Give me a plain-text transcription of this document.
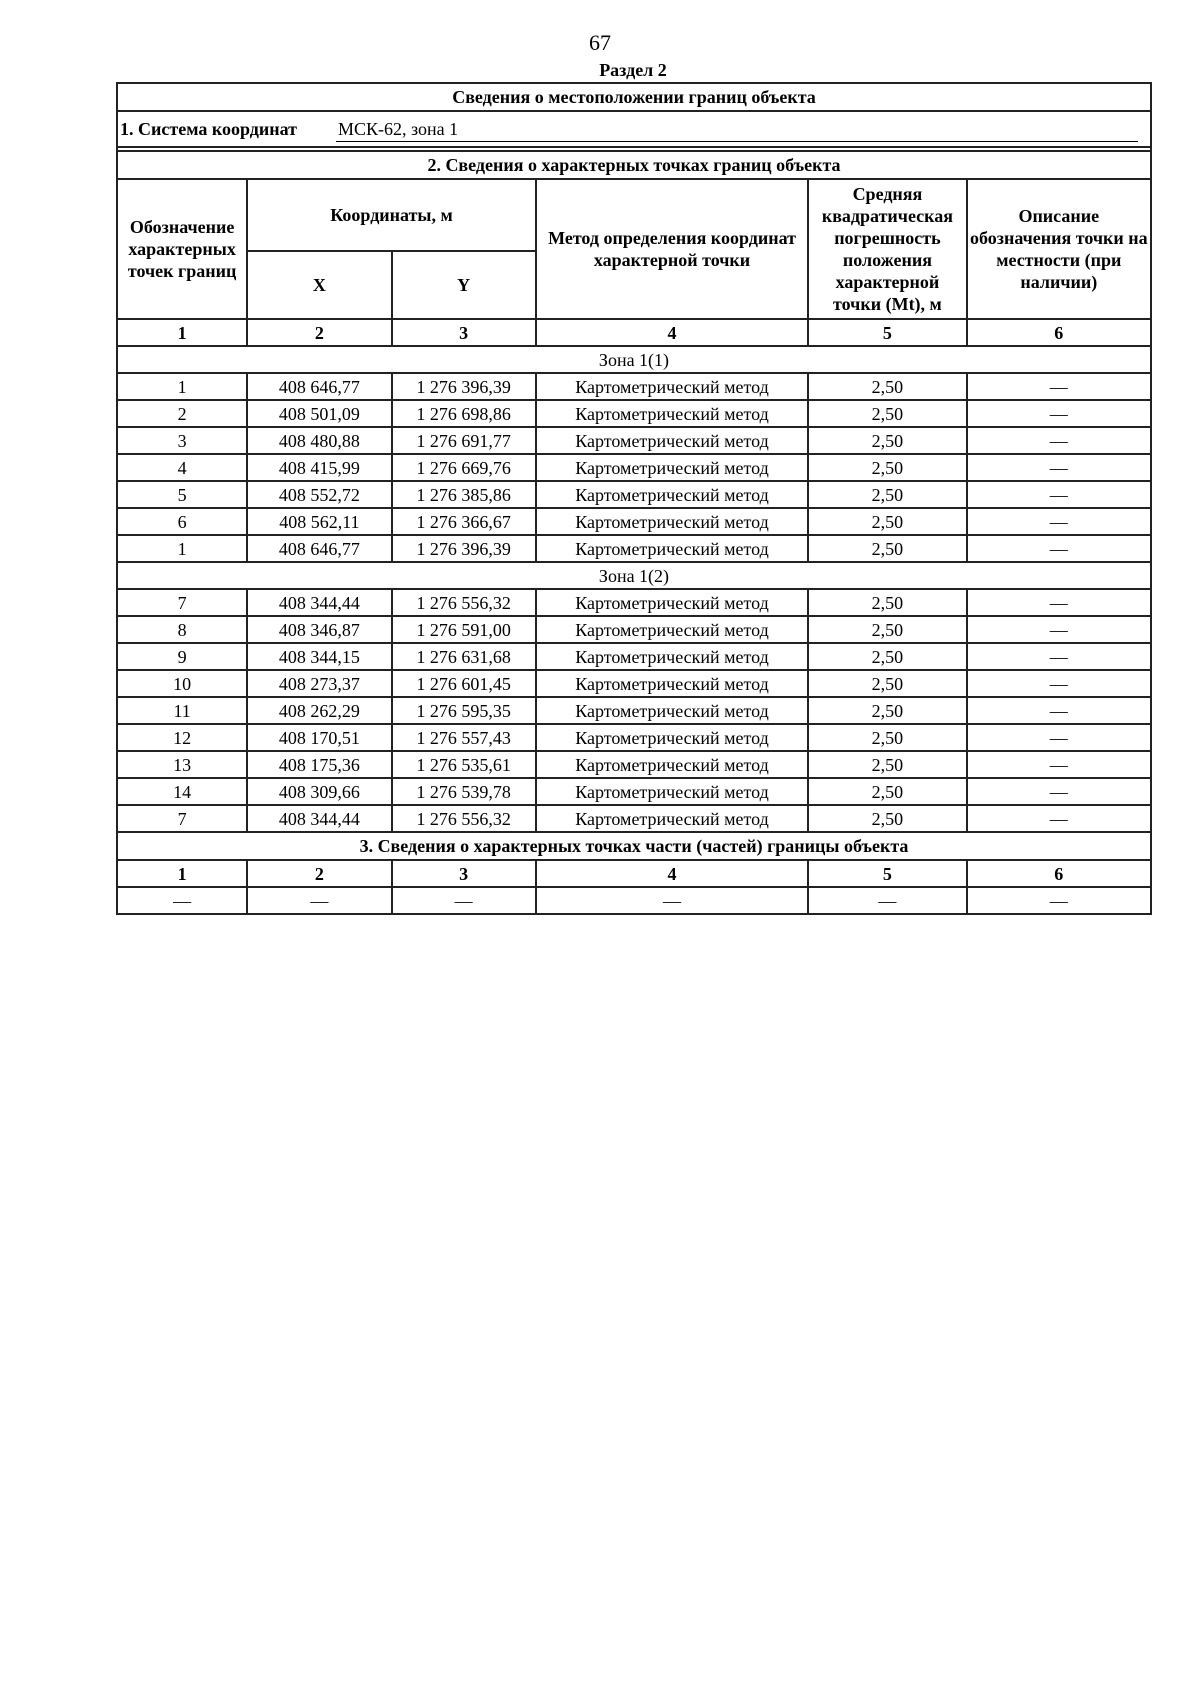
67
Раздел 2
Сведения о местоположении границ объекта					

1. Система координат МСК-62, зона 1					

2. Сведения о характерных точках границ объекта					
Обозначение характерных точек границ	Координаты, м		Метод определения координат характерной точки	Средняя квадратическая погрешность положения характерной точки (Mt), м	Описание обозначения точки на местности (при наличии)
	X	Y			
1	2	3	4	5	6
Зона 1(1)					
1	408 646,77	1 276 396,39	Картометрический метод	2,50	—
2	408 501,09	1 276 698,86	Картометрический метод	2,50	—
3	408 480,88	1 276 691,77	Картометрический метод	2,50	—
4	408 415,99	1 276 669,76	Картометрический метод	2,50	—
5	408 552,72	1 276 385,86	Картометрический метод	2,50	—
6	408 562,11	1 276 366,67	Картометрический метод	2,50	—
1	408 646,77	1 276 396,39	Картометрический метод	2,50	—
Зона 1(2)					
7	408 344,44	1 276 556,32	Картометрический метод	2,50	—
8	408 346,87	1 276 591,00	Картометрический метод	2,50	—
9	408 344,15	1 276 631,68	Картометрический метод	2,50	—
10	408 273,37	1 276 601,45	Картометрический метод	2,50	—
11	408 262,29	1 276 595,35	Картометрический метод	2,50	—
12	408 170,51	1 276 557,43	Картометрический метод	2,50	—
13	408 175,36	1 276 535,61	Картометрический метод	2,50	—
14	408 309,66	1 276 539,78	Картометрический метод	2,50	—
7	408 344,44	1 276 556,32	Картометрический метод	2,50	—
3. Сведения о характерных точках части (частей) границы объекта					
1	2	3	4	5	6
—	—	—	—	—	—
